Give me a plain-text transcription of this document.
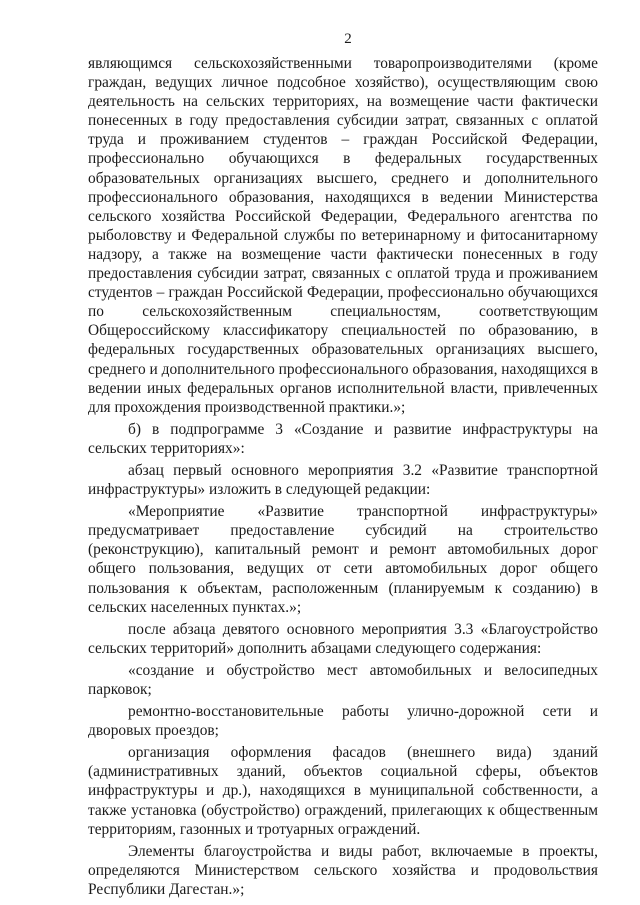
2

являющимся сельскохозяйственными товаропроизводителями (кроме граждан, ведущих личное подсобное хозяйство), осуществляющим свою деятельность на сельских территориях, на возмещение части фактически понесенных в году предоставления субсидии затрат, связанных с оплатой труда и проживанием студентов – граждан Российской Федерации, профессионально обучающихся в федеральных государственных образовательных организациях высшего, среднего и дополнительного профессионального образования, находящихся в ведении Министерства сельского хозяйства Российской Федерации, Федерального агентства по рыболовству и Федеральной службы по ветеринарному и фитосанитарному надзору, а также на возмещение части фактически понесенных в году предоставления субсидии затрат, связанных с оплатой труда и проживанием студентов – граждан Российской Федерации, профессионально обучающихся по сельскохозяйственным специальностям, соответствующим Общероссийскому классификатору специальностей по образованию, в федеральных государственных образовательных организациях высшего, среднего и дополнительного профессионального образования, находящихся в ведении иных федеральных органов исполнительной власти, привлеченных для прохождения производственной практики.»;

б) в подпрограмме 3 «Создание и развитие инфраструктуры на сельских территориях»:

абзац первый основного мероприятия 3.2 «Развитие транспортной инфраструктуры» изложить в следующей редакции:

«Мероприятие «Развитие транспортной инфраструктуры» предусматривает предоставление субсидий на строительство (реконструкцию), капитальный ремонт и ремонт автомобильных дорог общего пользования, ведущих от сети автомобильных дорог общего пользования к объектам, расположенным (планируемым к созданию) в сельских населенных пунктах.»;

после абзаца девятого основного мероприятия 3.3 «Благоустройство сельских территорий» дополнить абзацами следующего содержания:

«создание и обустройство мест автомобильных и велосипедных парковок;

ремонтно-восстановительные работы улично-дорожной сети и дворовых проездов;

организация оформления фасадов (внешнего вида) зданий (административных зданий, объектов социальной сферы, объектов инфраструктуры и др.), находящихся в муниципальной собственности, а также установка (обустройство) ограждений, прилегающих к общественным территориям, газонных и тротуарных ограждений.

Элементы благоустройства и виды работ, включаемые в проекты, определяются Министерством сельского хозяйства и продовольствия Республики Дагестан.»;
